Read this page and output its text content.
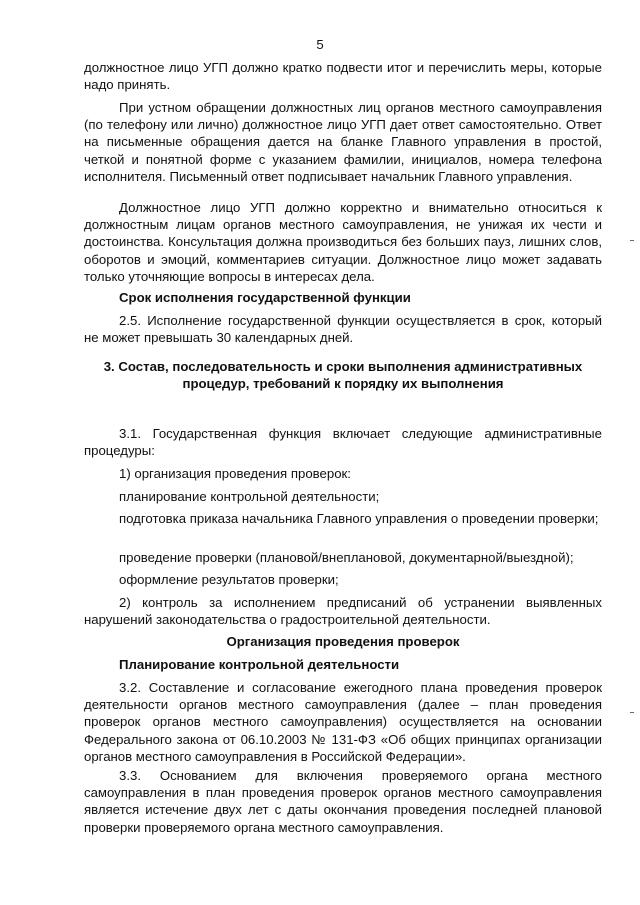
5

должностное лицо УГП должно кратко подвести итог и перечислить меры, которые надо принять.

При устном обращении должностных лиц органов местного самоуправления (по телефону или лично) должностное лицо УГП дает ответ самостоятельно. Ответ на письменные обращения дается на бланке Главного управления в простой, четкой и понятной форме с указанием фамилии, инициалов, номера телефона исполнителя. Письменный ответ подписывает начальник Главного управления.

Должностное лицо УГП должно корректно и внимательно относиться к должностным лицам органов местного самоуправления, не унижая их чести и достоинства. Консультация должна производиться без больших пауз, лишних слов, оборотов и эмоций, комментариев ситуации. Должностное лицо может задавать только уточняющие вопросы в интересах дела.

Срок исполнения государственной функции

2.5. Исполнение государственной функции осуществляется в срок, который не может превышать 30 календарных дней.

3. Состав, последовательность и сроки выполнения административных процедур, требований к порядку их выполнения

3.1. Государственная функция включает следующие административные процедуры:

1) организация проведения проверок:

планирование контрольной деятельности;

подготовка приказа начальника Главного управления о проведении проверки;

проведение проверки (плановой/внеплановой, документарной/выездной);

оформление результатов проверки;

2) контроль за исполнением предписаний об устранении выявленных нарушений законодательства о градостроительной деятельности.

Организация проведения проверок

Планирование контрольной деятельности

3.2. Составление и согласование ежегодного плана проведения проверок деятельности органов местного самоуправления (далее – план проведения проверок органов местного самоуправления) осуществляется на основании Федерального закона от 06.10.2003 № 131-ФЗ «Об общих принципах организации органов местного самоуправления в Российской Федерации».

3.3. Основанием для включения проверяемого органа местного самоуправления в план проведения проверок органов местного самоуправления является истечение двух лет с даты окончания проведения последней плановой проверки проверяемого органа местного самоуправления.
